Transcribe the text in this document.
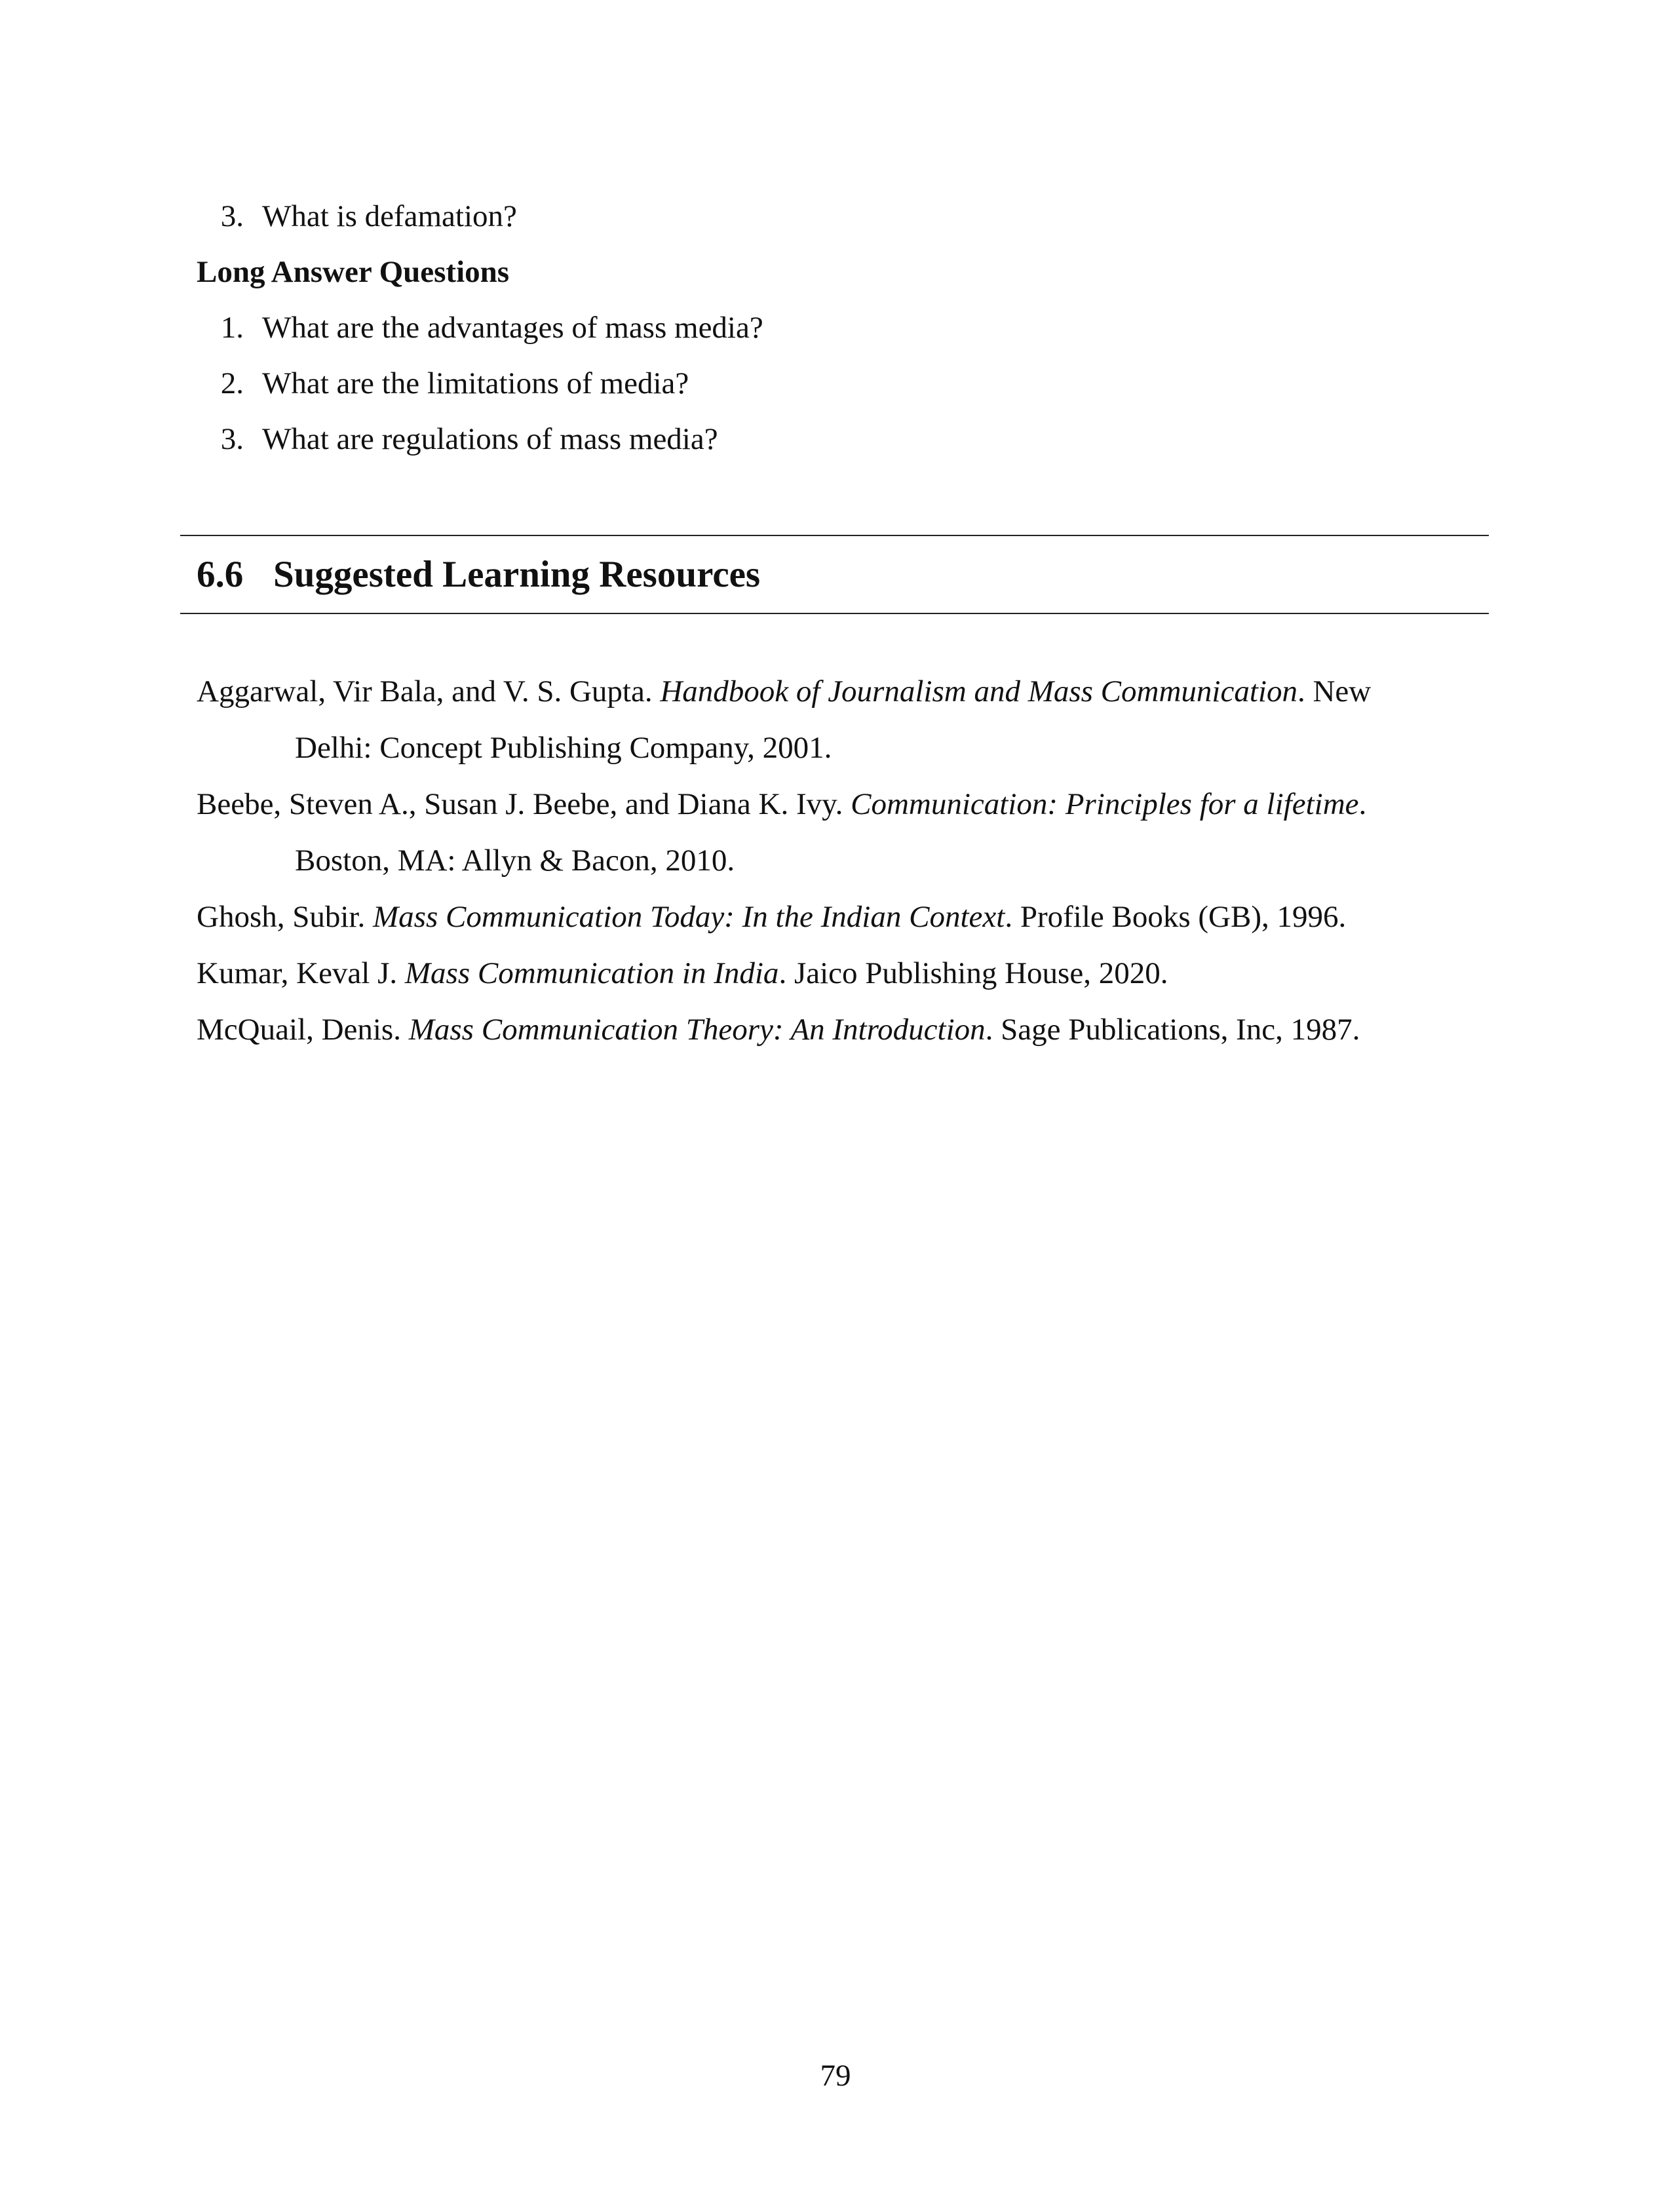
3. What is defamation?
Long Answer Questions
1. What are the advantages of mass media?
2. What are the limitations of media?
3. What are regulations of mass media?
6.6 Suggested Learning Resources
Aggarwal, Vir Bala, and V. S. Gupta. Handbook of Journalism and Mass Communication. New
Delhi: Concept Publishing Company, 2001.
Beebe, Steven A., Susan J. Beebe, and Diana K. Ivy. Communication: Principles for a lifetime.
Boston, MA: Allyn & Bacon, 2010.
Ghosh, Subir. Mass Communication Today: In the Indian Context. Profile Books (GB), 1996.
Kumar, Keval J. Mass Communication in India. Jaico Publishing House, 2020.
McQuail, Denis. Mass Communication Theory: An Introduction. Sage Publications, Inc, 1987.
79
